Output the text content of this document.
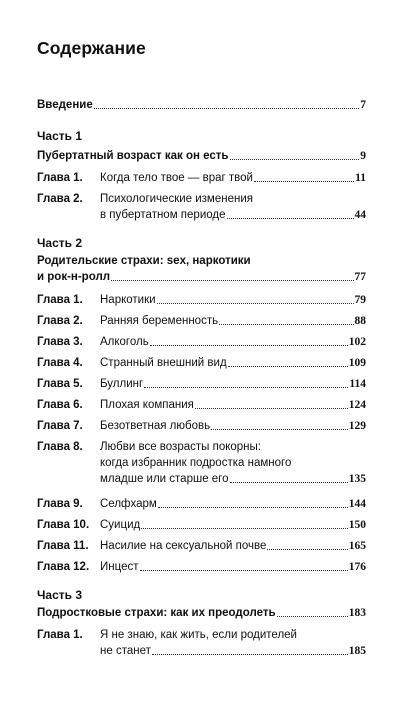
Содержание
Введение	7
Часть 1
Пубертатный возраст как он есть	9
Глава 1. Когда тело твое — враг твой	11
Глава 2. Психологические изменения
в пубертатном периоде	44
Часть 2
Родительские страхи: sex, наркотики
и рок-н-ролл	77
Глава 1. Наркотики	79
Глава 2. Ранняя беременность	88
Глава 3. Алкоголь	102
Глава 4. Странный внешний вид	109
Глава 5. Буллинг	114
Глава 6. Плохая компания	124
Глава 7. Безответная любовь	129
Глава 8. Любви все возрасты покорны:
когда избранник подростка намного
младше или старше его	135
Глава 9. Селфхарм	144
Глава 10. Суицид	150
Глава 11. Насилие на сексуальной почве	165
Глава 12. Инцест	176
Часть 3
Подростковые страхи: как их преодолеть	183
Глава 1. Я не знаю, как жить, если родителей
не станет	185
